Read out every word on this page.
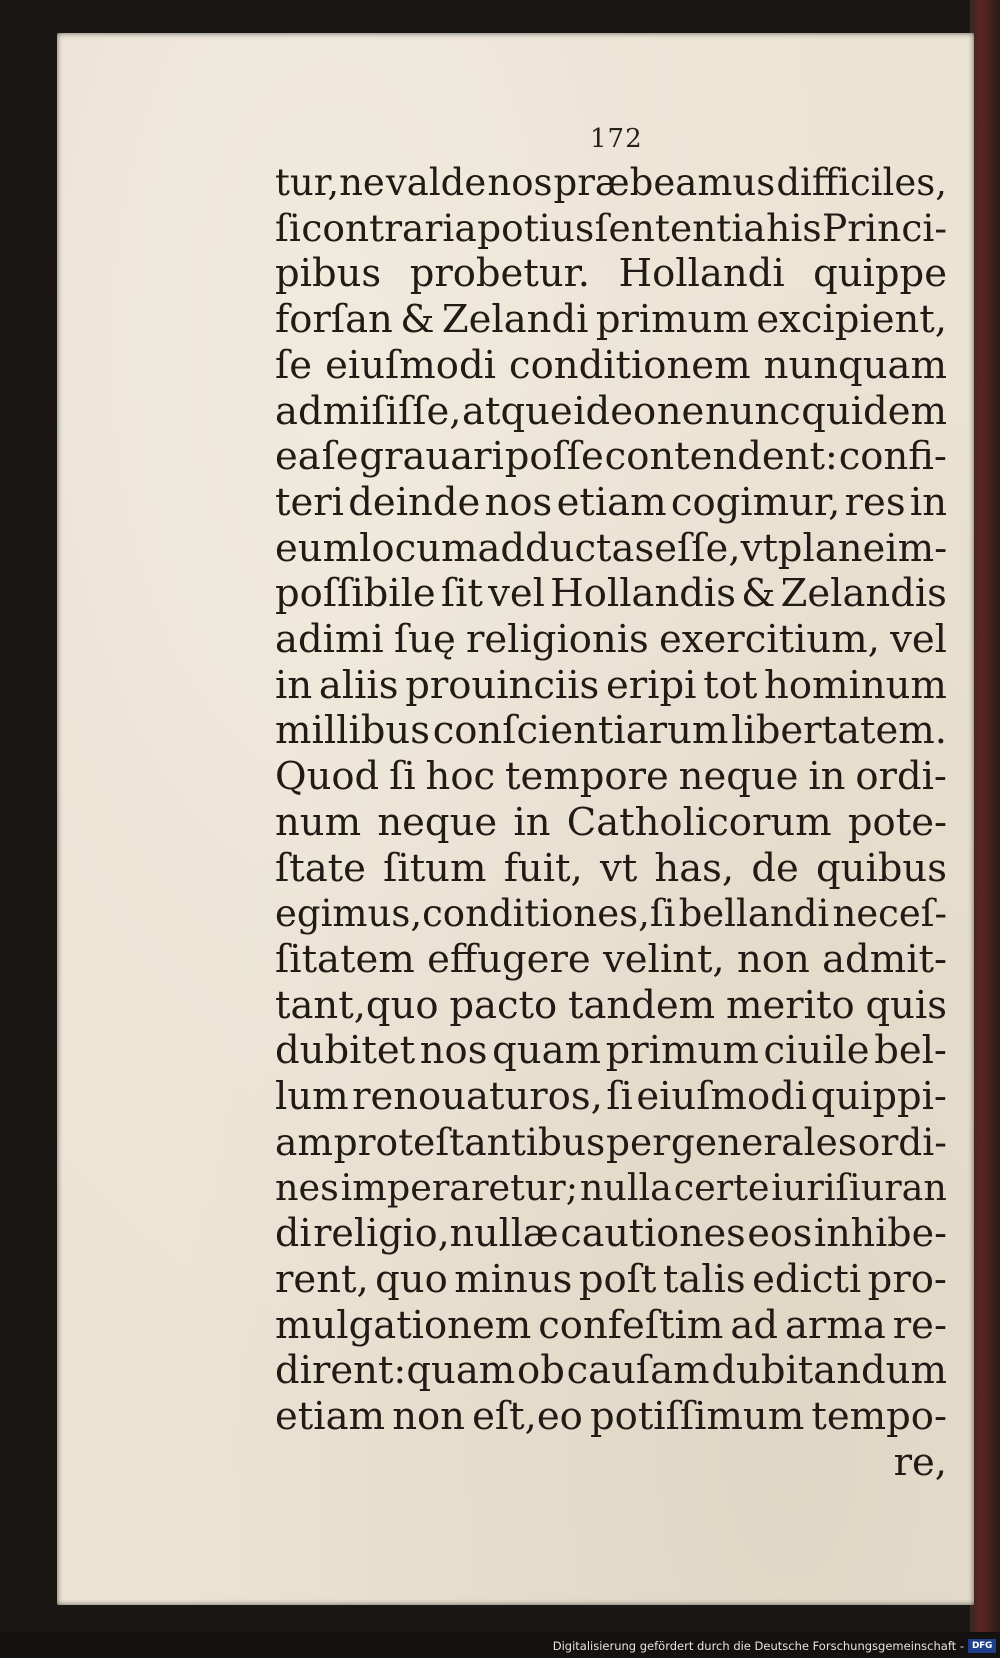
172
tur,ne valde nos præbeamus difficiles,
ſi contraria potius ſententia his Princi-
pibus probetur. Hollandi quippe
forſan & Zelandi primum excipient,
ſe eiuſmodi conditionem nunquam
admiſiſſe, atque ideo ne nunc quidem
ea ſe grauari poſſe contendent: confi-
teri deinde nos etiam cogimur, res in
eum locum adductas eſſe, vt plane im-
poſſibile ſit vel Hollandis & Zelandis
adimi ſuę religionis exercitium, vel
in aliis prouinciis eripi tot hominum
millibus conſcientiarum libertatem.
Quod ſi hoc tempore neque in ordi-
num neque in Catholicorum pote-
ſtate ſitum fuit, vt has, de quibus
egimus,conditiones,ſi bellandi neceſ-
ſitatem effugere velint, non admit-
tant,quo pacto tandem merito quis
dubitet nos quam primum ciuile bel-
lum renouaturos, ſi eiuſmodi quippi-
am proteſtantibus per generales ordi-
nes imperaretur; nulla certe iuriſiuran
di religio,nullæ cautiones eos inhibe-
rent, quo minus poſt talis edicti pro-
mulgationem confeſtim ad arma re-
dirent:quam ob cauſam dubitandum
etiam non eſt,eo potiſſimum tempo-
re,
Digitalisierung gefördert durch die Deutsche Forschungsgemeinschaft - DFG
